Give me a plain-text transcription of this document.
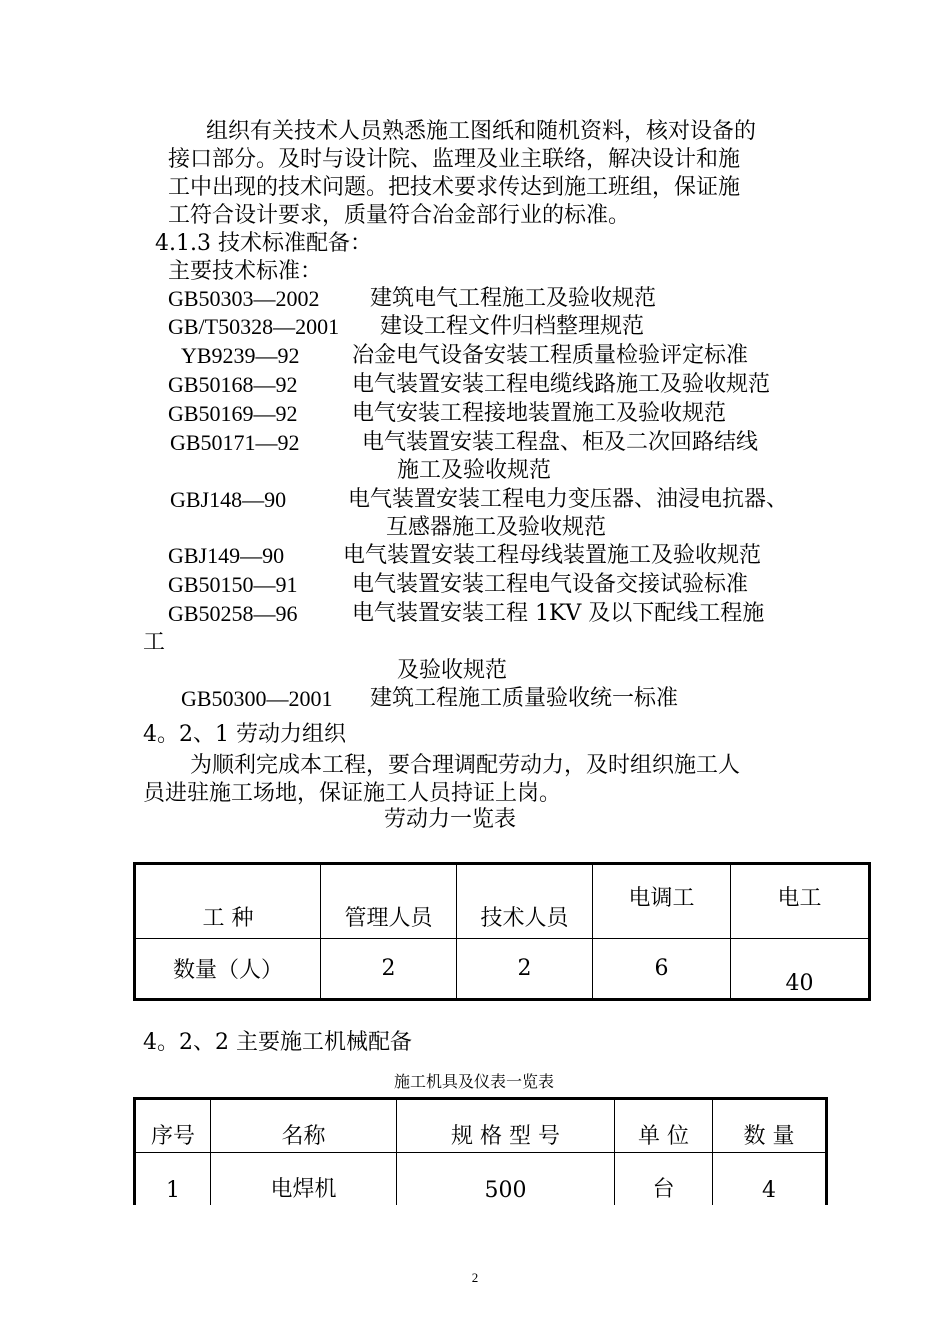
组织有关技术人员熟悉施工图纸和随机资料，核对设备的
接口部分。及时与设计院、监理及业主联络，解决设计和施
工中出现的技术问题。把技术要求传达到施工班组，保证施
工符合设计要求，质量符合冶金部行业的标准。
4.1.3 技术标准配备：
主要技术标准：
GB50303—2002 建筑电气工程施工及验收规范
GB/T50328—2001 建设工程文件归档整理规范
YB9239—92 冶金电气设备安装工程质量检验评定标准
GB50168—92 电气装置安装工程电缆线路施工及验收规范
GB50169—92 电气安装工程接地装置施工及验收规范
GB50171—92	电气装置安装工程盘、柜及二次回路结线
施工及验收规范
GBJ148—90	电气装置安装工程电力变压器、油浸电抗器、
互感器施工及验收规范
GBJ149—90	电气装置安装工程母线装置施工及验收规范
GB50150—91 电气装置安装工程电气设备交接试验标准
GB50258—96 电气装置安装工程 1KV 及以下配线工程施
工
及验收规范
GB50300—2001 建筑工程施工质量验收统一标准
4。2、1 劳动力组织
为顺利完成本工程，要合理调配劳动力，及时组织施工人
员进驻施工场地，保证施工人员持证上岗。
劳动力一览表
工 种	管理人员	技术人员	电调工	电工
数量（人）	2	2	6	40
4。2、2 主要施工机械配备
施工机具及仪表一览表
序号	名称	规 格 型 号	单 位	数 量
1	电焊机	500	台	4
2
